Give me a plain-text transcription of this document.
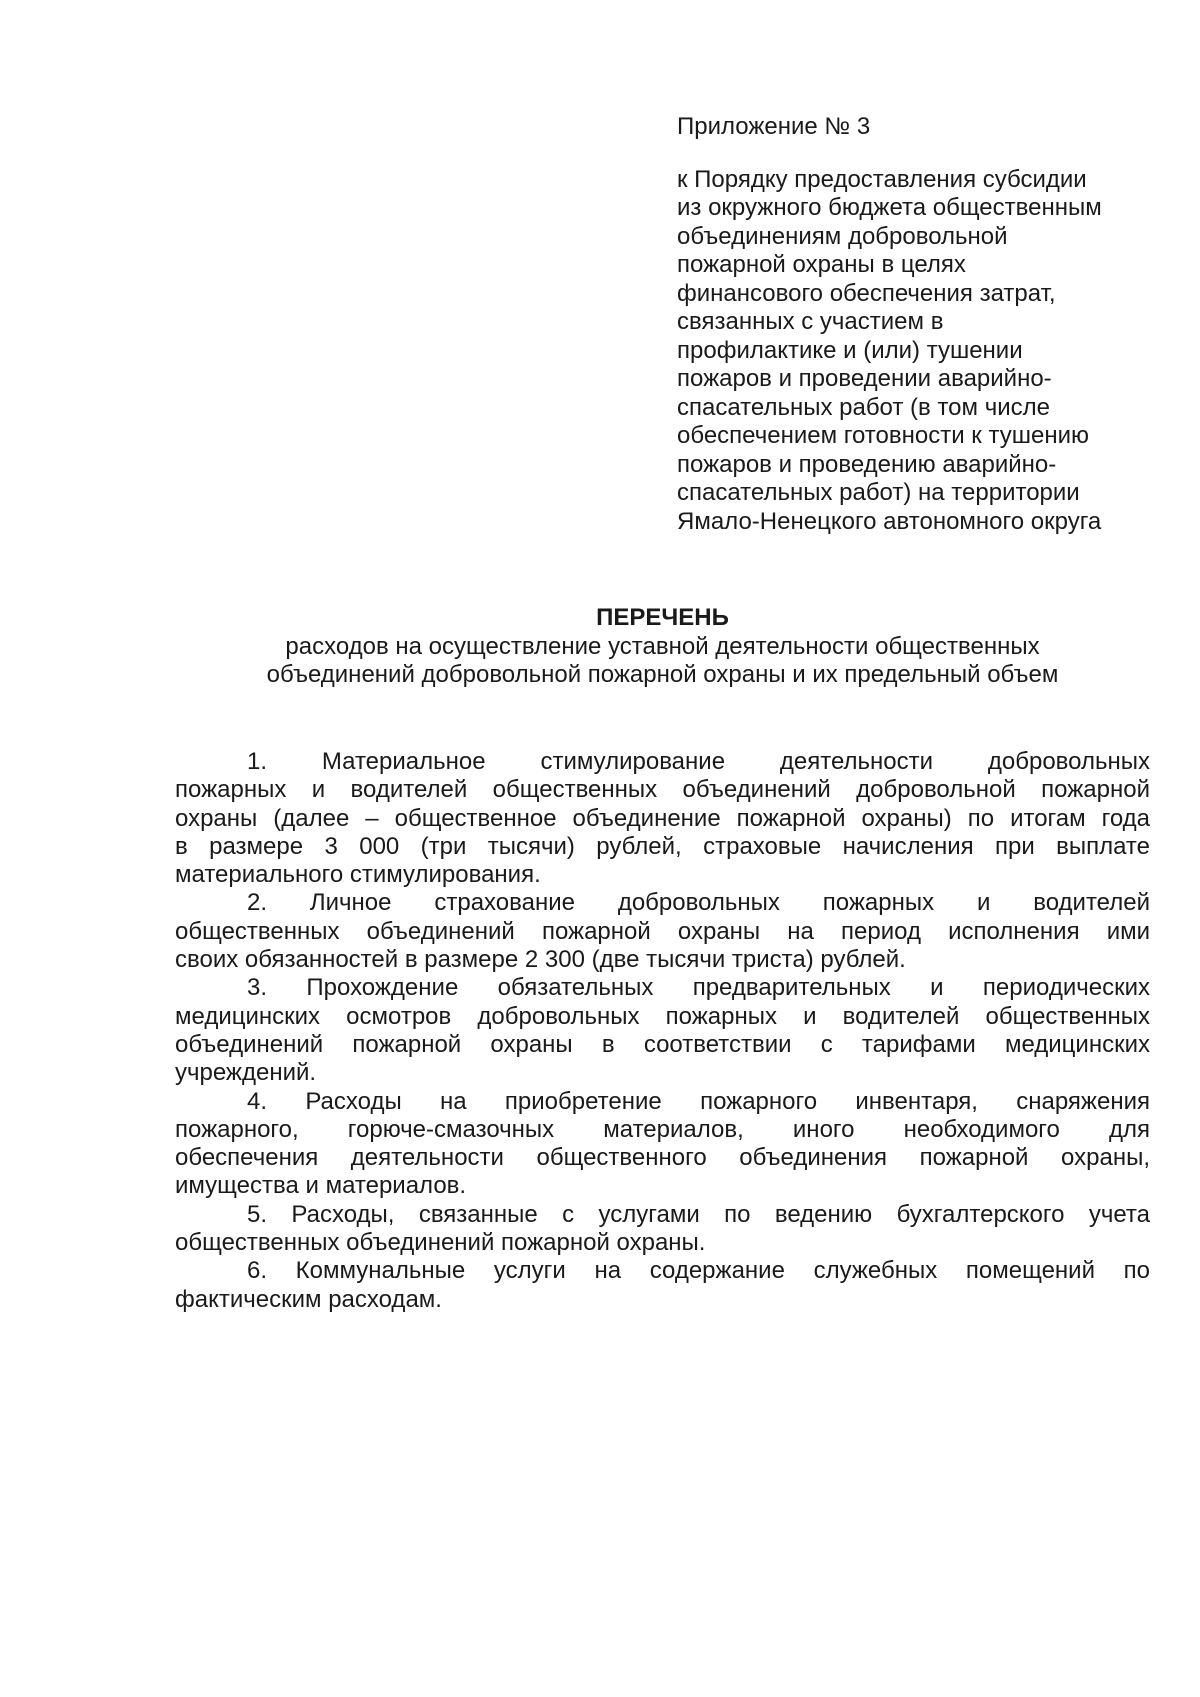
Приложение № 3
к Порядку предоставления субсидии
из окружного бюджета общественным
объединениям добровольной
пожарной охраны в целях
финансового обеспечения затрат,
связанных с участием в
профилактике и (или) тушении
пожаров и проведении аварийно-
спасательных работ (в том числе
обеспечением готовности к тушению
пожаров и проведению аварийно-
спасательных работ) на территории
Ямало-Ненецкого автономного округа
ПЕРЕЧЕНЬ
расходов на осуществление уставной деятельности общественных
объединений добровольной пожарной охраны и их предельный объем
1. Материальное стимулирование деятельности добровольных
пожарных и водителей общественных объединений добровольной пожарной
охраны (далее – общественное объединение пожарной охраны) по итогам года
в размере 3 000 (три тысячи) рублей, страховые начисления при выплате
материального стимулирования.
2. Личное страхование добровольных пожарных и водителей
общественных объединений пожарной охраны на период исполнения ими
своих обязанностей в размере 2 300 (две тысячи триста) рублей.
3. Прохождение обязательных предварительных и периодических
медицинских осмотров добровольных пожарных и водителей общественных
объединений пожарной охраны в соответствии с тарифами медицинских
учреждений.
4. Расходы на приобретение пожарного инвентаря, снаряжения
пожарного, горюче-смазочных материалов, иного необходимого для
обеспечения деятельности общественного объединения пожарной охраны,
имущества и материалов.
5. Расходы, связанные с услугами по ведению бухгалтерского учета
общественных объединений пожарной охраны.
6. Коммунальные услуги на содержание служебных помещений по
фактическим расходам.
